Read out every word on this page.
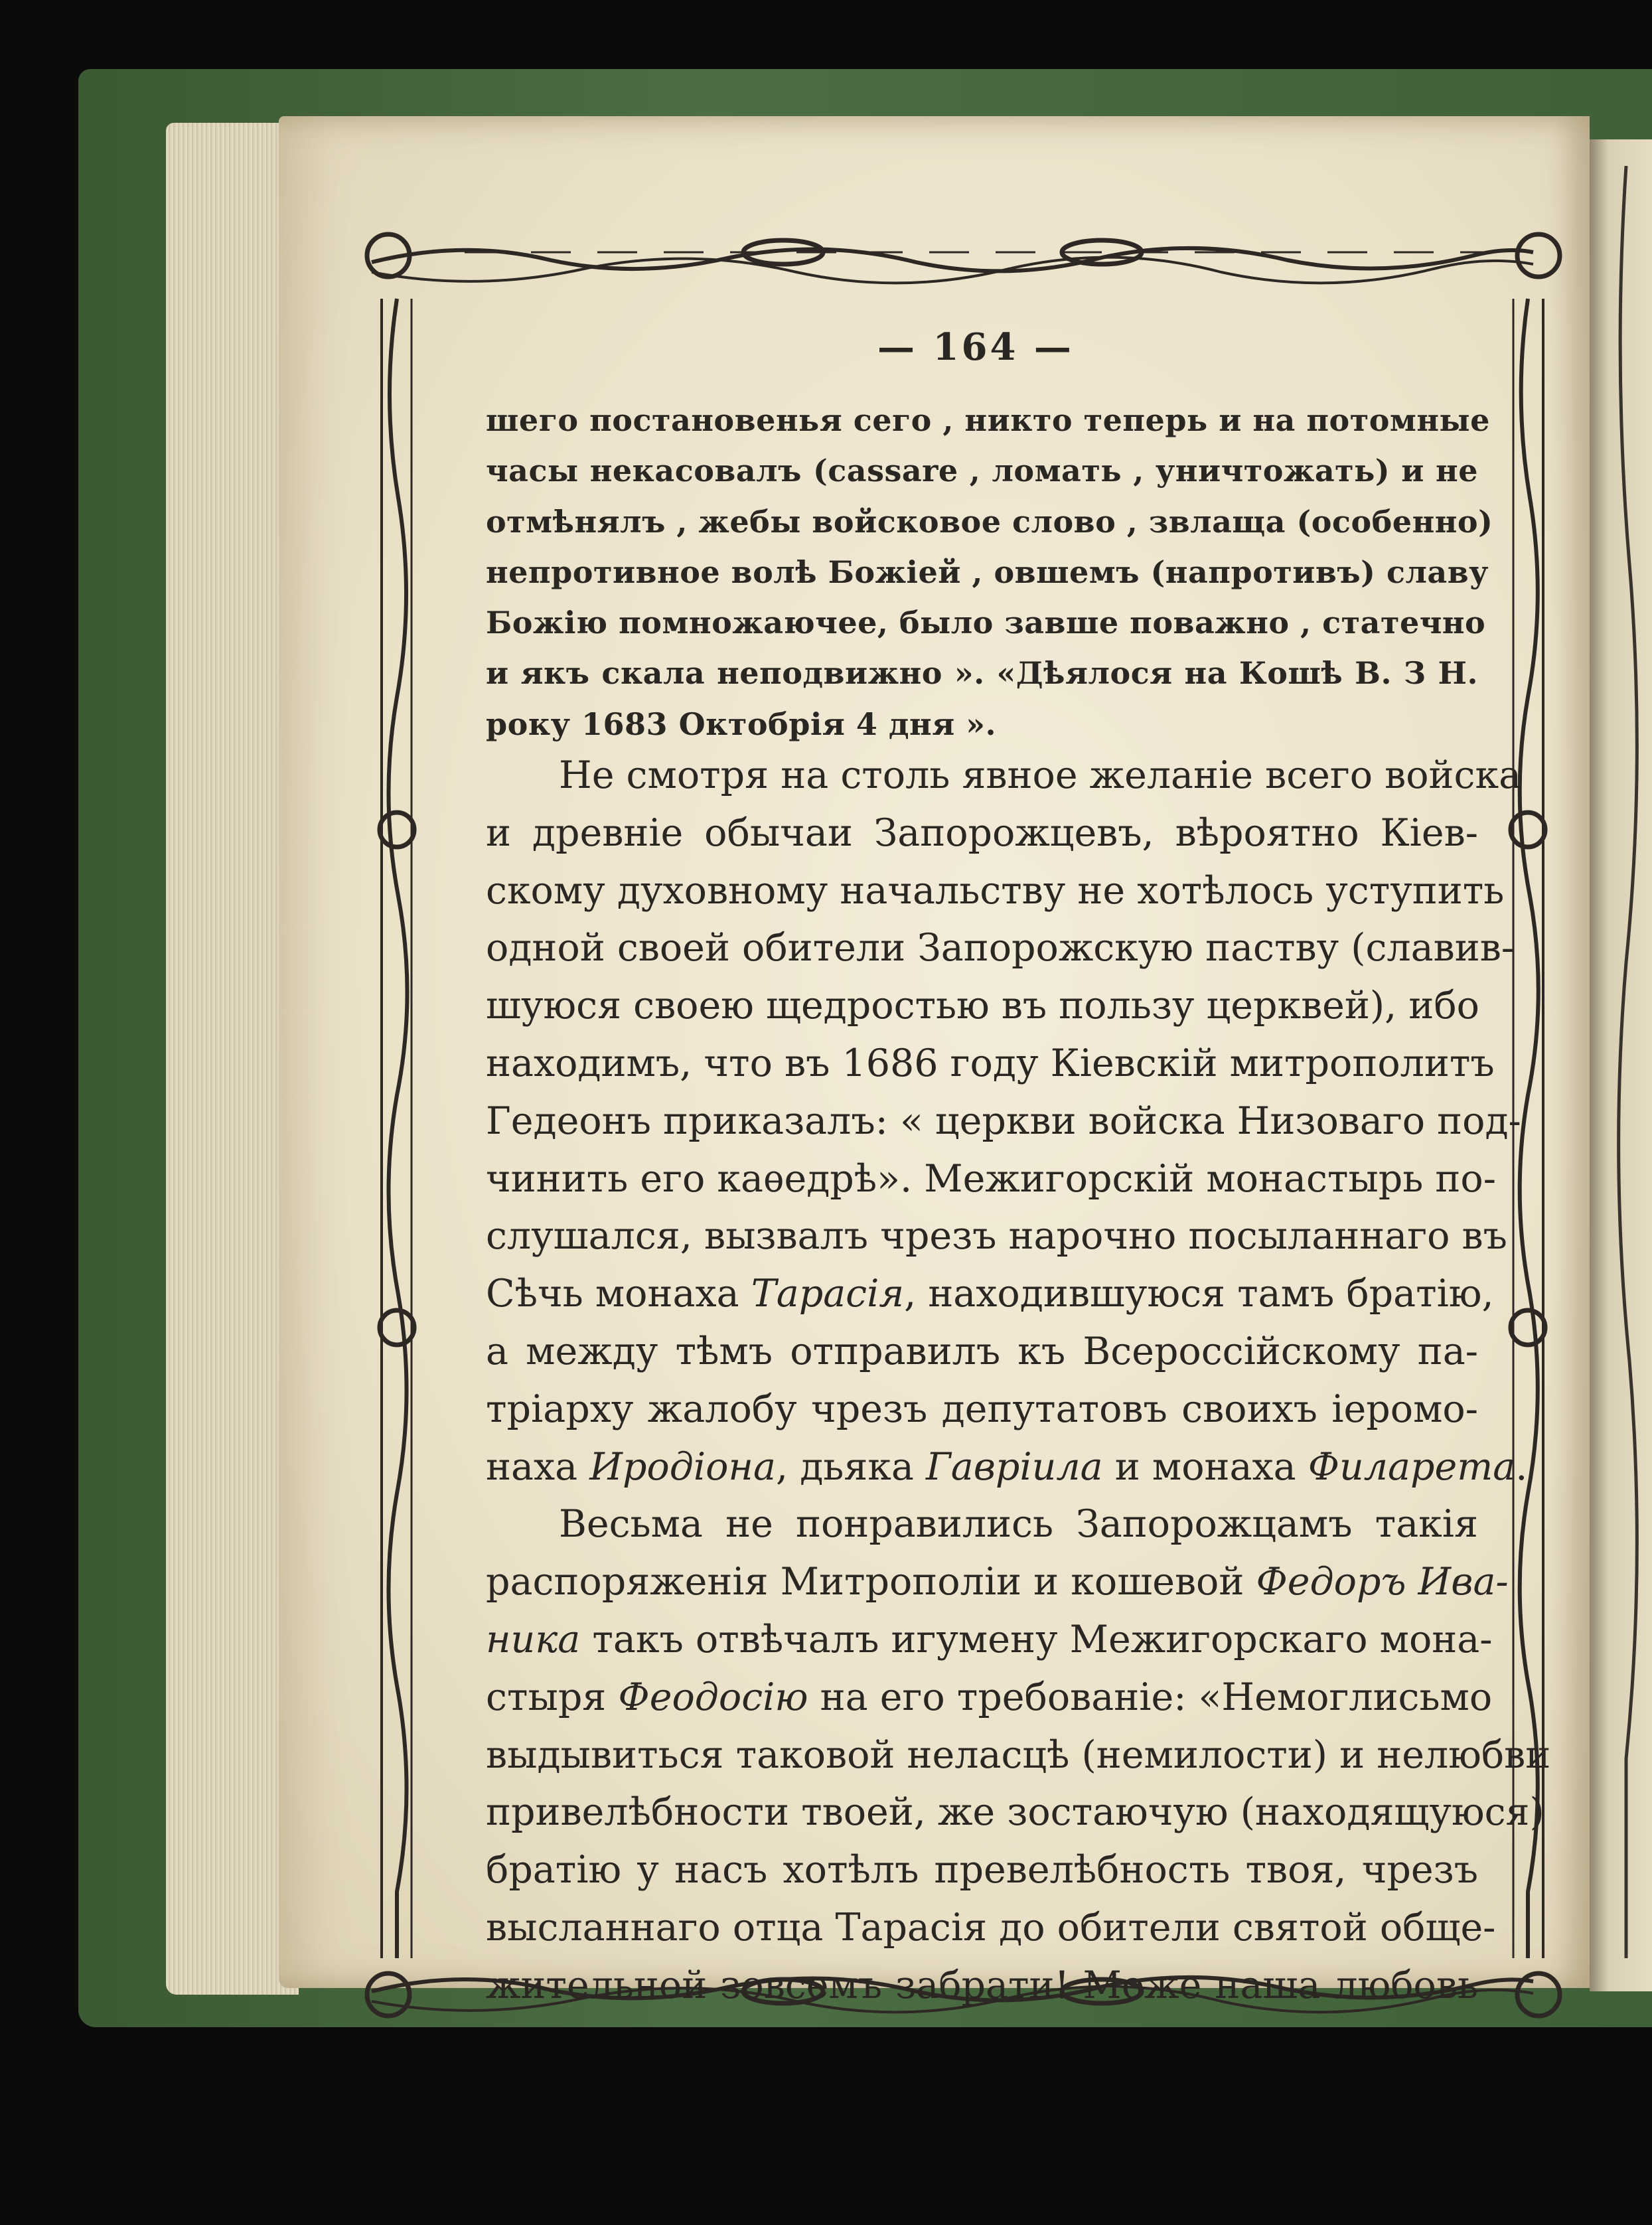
— 164 —
шего постановенья сего , никто теперь и на потомные
часы некасовалъ (cassare , ломать , уничтожать) и не
отмѣнялъ , жебы войсковое слово , звлаща (особенно)
непротивное волѣ Божіей , овшемъ (напротивъ) славу
Божію помножаючее, было завше поважно , статечно
и якъ скала неподвижно ». «Дѣялося на Кошѣ В. З Н.
року 1683 Октобрія 4 дня ».
Не смотря на столь явное желаніе всего войска
и древніе обычаи Запорожцевъ, вѣроятно Кіев-
скому духовному начальству не хотѣлось уступить
одной своей обители Запорожскую паству (славив-
шуюся своею щедростью въ пользу церквей), ибо
находимъ, что въ 1686 году Кіевскій митрополитъ
Гедеонъ приказалъ: « церкви войска Низоваго под-
чинить его каѳедрѣ». Межигорскій монастырь по-
слушался, вызвалъ чрезъ нарочно посыланнаго въ
Сѣчь монаха Тарасія, находившуюся тамъ братію,
а между тѣмъ отправилъ къ Всероссійскому па-
тріарху жалобу чрезъ депутатовъ своихъ іеромо-
наха Иродіона, дьяка Гавріила и монаха Филарета.
Весьма не понравились Запорожцамъ такія
распоряженія Митрополіи и кошевой Федоръ Ива-
ника такъ отвѣчалъ игумену Межигорскаго мона-
стыря Феодосію на его требованіе: «Немоглисьмо
выдывиться таковой неласцѣ (немилости) и нелюбви
привелѣбности твоей, же зостаючую (находящуюся)
братію у насъ хотѣлъ превелѣбность твоя, чрезъ
высланнаго отца Тарасія до обители святой обще-
жительной зовсемъ забрати! Може наша любовь
